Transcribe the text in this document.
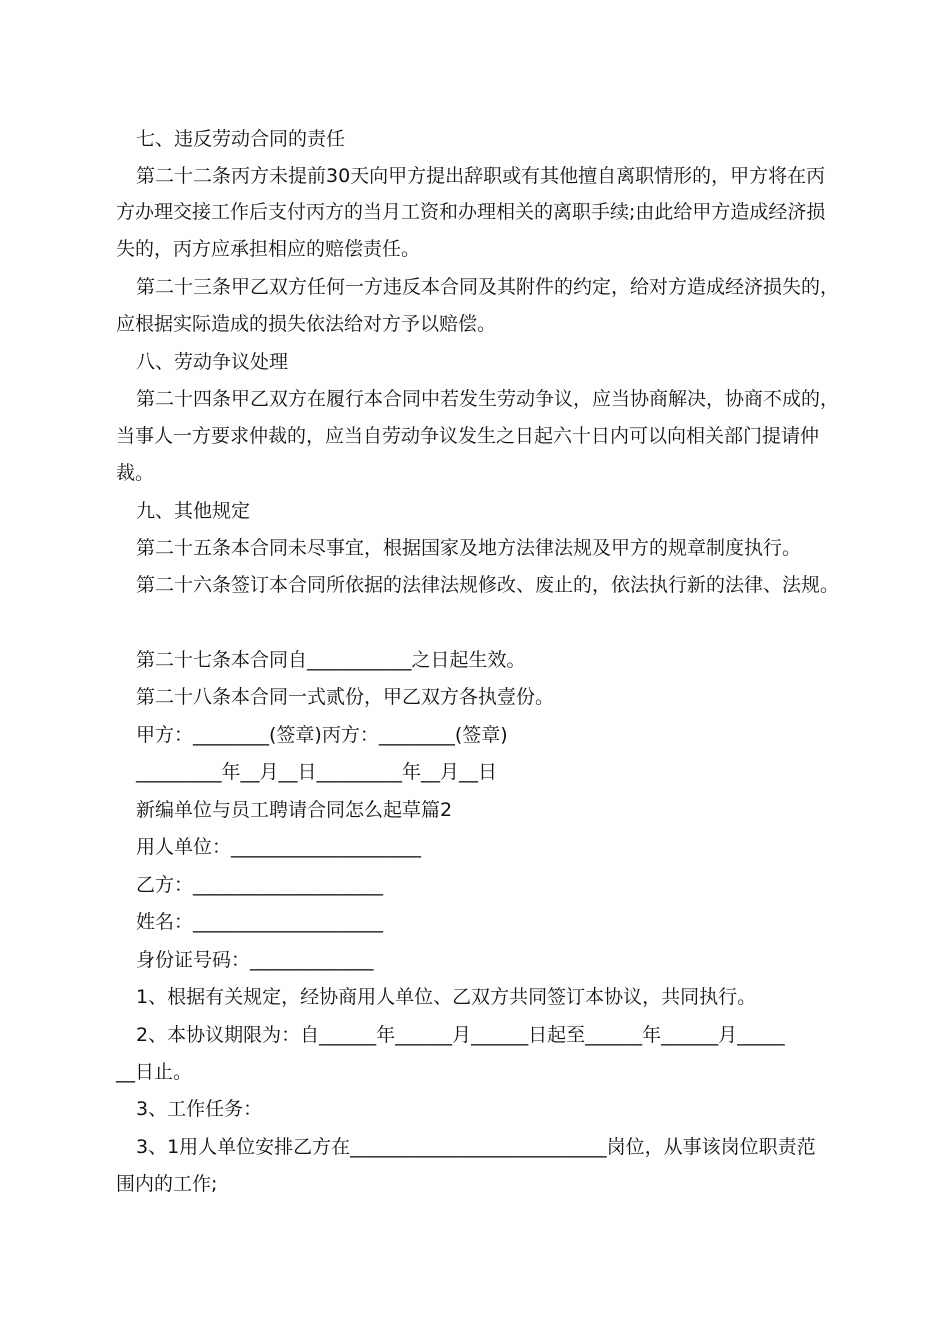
七、违反劳动合同的责任
第二十二条丙方未提前30天向甲方提出辞职或有其他擅自离职情形的，甲方将在丙
方办理交接工作后支付丙方的当月工资和办理相关的离职手续;由此给甲方造成经济损
失的，丙方应承担相应的赔偿责任。
第二十三条甲乙双方任何一方违反本合同及其附件的约定，给对方造成经济损失的，
应根据实际造成的损失依法给对方予以赔偿。
八、劳动争议处理
第二十四条甲乙双方在履行本合同中若发生劳动争议，应当协商解决，协商不成的，
当事人一方要求仲裁的，应当自劳动争议发生之日起六十日内可以向相关部门提请仲
裁。
九、其他规定
第二十五条本合同未尽事宜，根据国家及地方法律法规及甲方的规章制度执行。
第二十六条签订本合同所依据的法律法规修改、废止的，依法执行新的法律、法规。
第二十七条本合同自___________之日起生效。
第二十八条本合同一式贰份，甲乙双方各执壹份。
甲方：________(签章)丙方：________(签章)
_________年__月__日_________年__月__日
新编单位与员工聘请合同怎么起草篇2
用人单位：____________________
乙方：____________________
姓名：____________________
身份证号码：_____________
1、根据有关规定，经协商用人单位、乙双方共同签订本协议，共同执行。
2、本协议期限为：自______年______月______日起至______年______月_____
__日止。
3、工作任务：
3、1用人单位安排乙方在___________________________岗位，从事该岗位职责范
围内的工作;
